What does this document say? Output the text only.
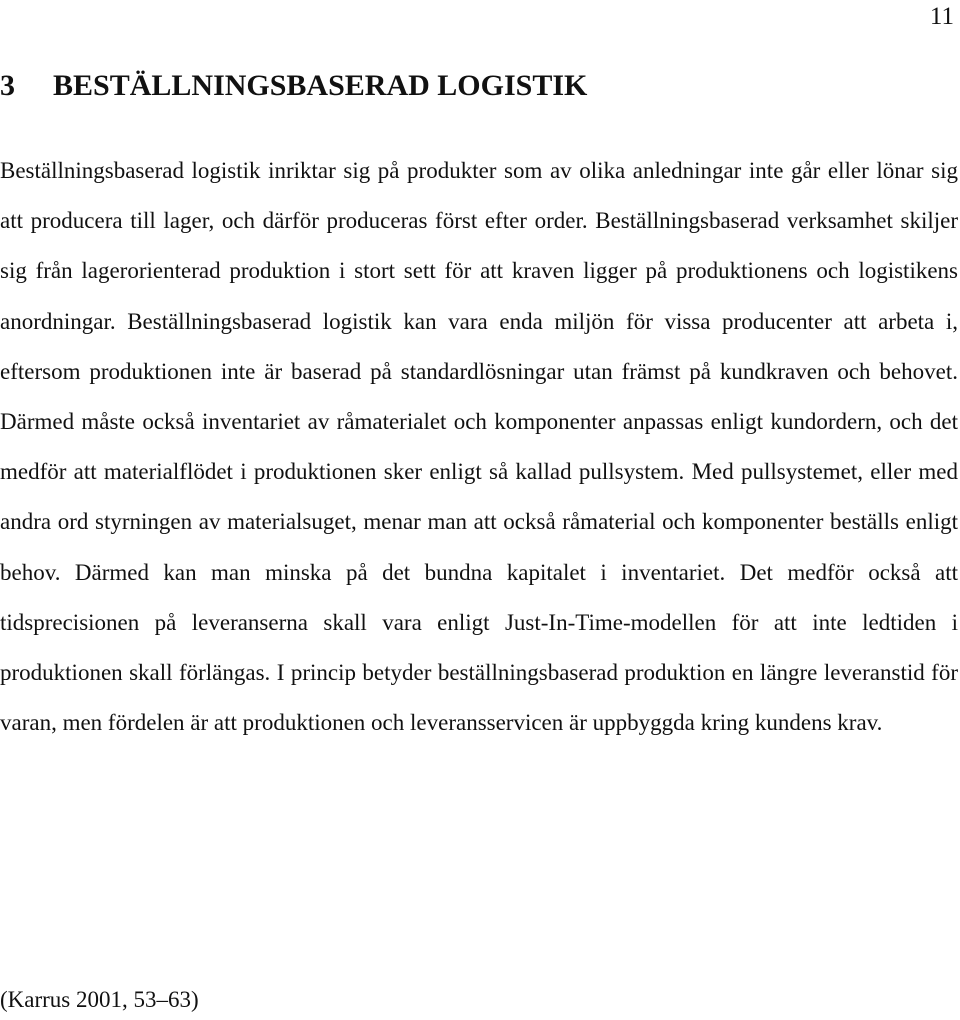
11
3 BESTÄLLNINGSBASERAD LOGISTIK

Beställningsbaserad logistik inriktar sig på produkter som av olika anledningar inte går eller lönar sig att producera till lager, och därför produceras först efter order. Beställningsbaserad verksamhet skiljer sig från lagerorienterad produktion i stort sett för att kraven ligger på produktionens och logistikens anordningar. Beställningsbaserad logistik kan vara enda miljön för vissa producenter att arbeta i, eftersom produktionen inte är baserad på standardlösningar utan främst på kundkraven och behovet. Därmed måste också inventariet av råmaterialet och komponenter anpassas enligt kundordern, och det medför att materialflödet i produktionen sker enligt så kallad pullsystem. Med pullsystemet, eller med andra ord styrningen av materialsuget, menar man att också råmaterial och komponenter beställs enligt behov. Därmed kan man minska på det bundna kapitalet i inventariet. Det medför också att tidsprecisionen på leveranserna skall vara enligt Just-In-Time-modellen för att inte ledtiden i produktionen skall förlängas. I princip betyder beställningsbaserad produktion en längre leveranstid för varan, men fördelen är att produktionen och leveransservicen är uppbyggda kring kundens krav.

(Karrus 2001, 53–63)
